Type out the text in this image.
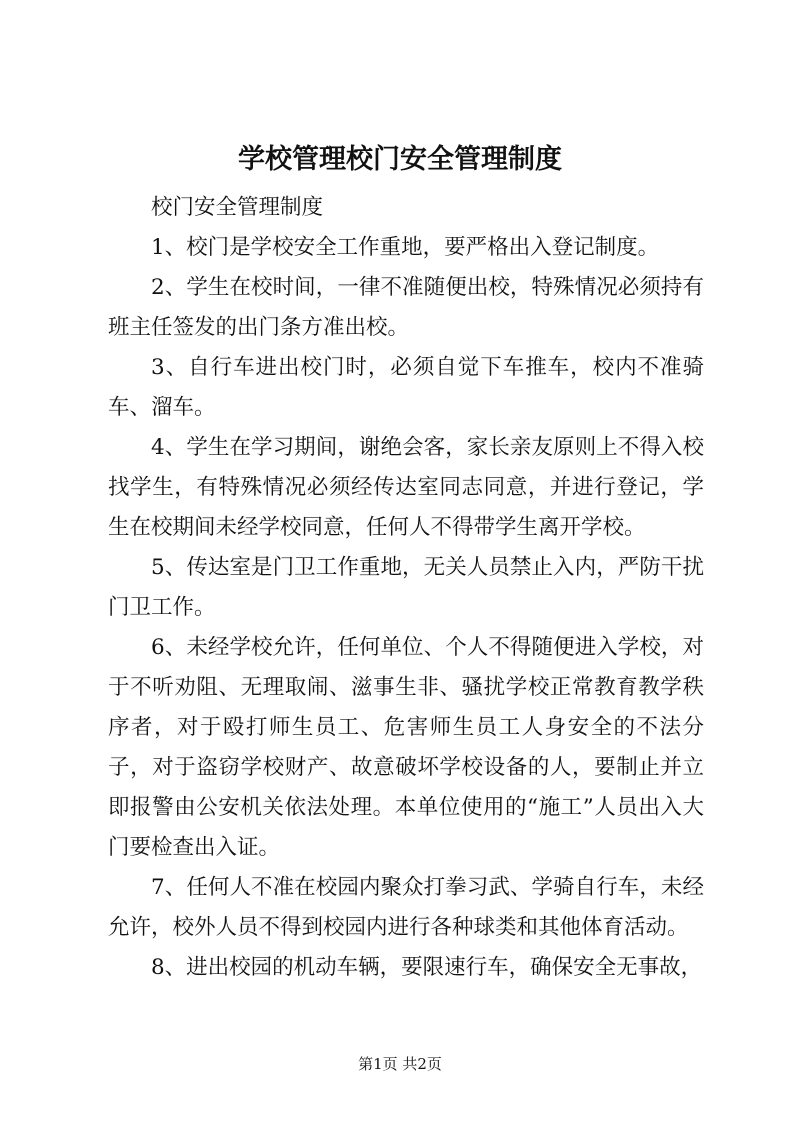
学校管理校门安全管理制度

校门安全管理制度

1、校门是学校安全工作重地，要严格出入登记制度。

2、学生在校时间，一律不准随便出校，特殊情况必须持有班主任签发的出门条方准出校。

3、自行车进出校门时，必须自觉下车推车，校内不准骑车、溜车。

4、学生在学习期间，谢绝会客，家长亲友原则上不得入校找学生，有特殊情况必须经传达室同志同意，并进行登记，学生在校期间未经学校同意，任何人不得带学生离开学校。

5、传达室是门卫工作重地，无关人员禁止入内，严防干扰门卫工作。

6、未经学校允许，任何单位、个人不得随便进入学校，对于不听劝阻、无理取闹、滋事生非、骚扰学校正常教育教学秩序者，对于殴打师生员工、危害师生员工人身安全的不法分子，对于盗窃学校财产、故意破坏学校设备的人，要制止并立即报警由公安机关依法处理。本单位使用的“施工”人员出入大门要检查出入证。

7、任何人不准在校园内聚众打拳习武、学骑自行车，未经允许，校外人员不得到校园内进行各种球类和其他体育活动。

8、进出校园的机动车辆，要限速行车，确保安全无事故，

第1页 共2页
